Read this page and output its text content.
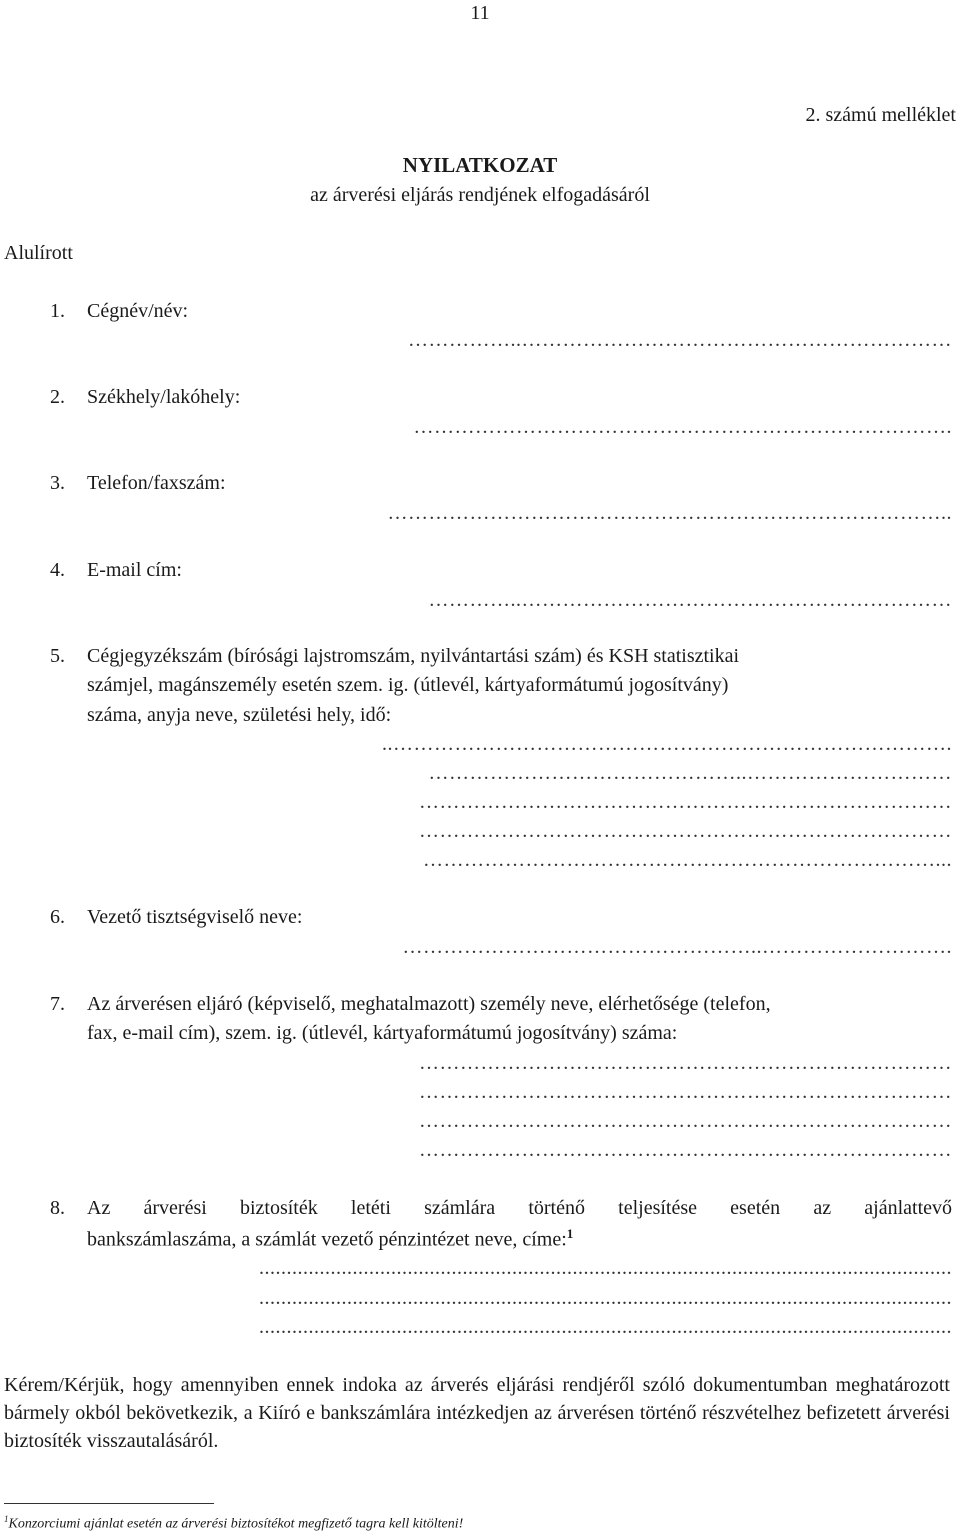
11
2. számú melléklet
NYILATKOZAT
az árverési eljárás rendjének elfogadásáról
Alulírott
1.	Cégnév/név:
……………..………………………………………………………
2.	Székhely/lakóhely:
…………………………………………………………………….
3.	Telefon/faxszám:
………………………………………………………………………..
4.	E-mail cím:
…………..………………………………………………………
5.	Cégjegyzékszám (bírósági lajstromszám, nyilvántartási szám) és KSH statisztikai
számjel, magánszemély esetén szem. ig. (útlevél, kártyaformátumú jogosítvány)
száma, anyja neve, születési hely, idő:
..……………………………………………………………………….
………………………………………..…………………………
……………………………………………………………………
……………………………………………………………………
…………………………………………………………………...
6.	Vezető tisztségviselő neve:
……………………………………………..……………………….
7.	Az árverésen eljáró (képviselő, meghatalmazott) személy neve, elérhetősége (telefon,
fax, e-mail cím), szem. ig. (útlevél, kártyaformátumú jogosítvány) száma:
……………………………………………………………………
……………………………………………………………………
……………………………………………………………………
……………………………………………………………………
8.	Az árverési biztosíték letéti számlára történő teljesítése esetén az ajánlattevő
bankszámlaszáma, a számlát vezető pénzintézet neve, címe:$^1$
..............................................................................................................................
..............................................................................................................................
..............................................................................................................................
Kérem/Kérjük, hogy amennyiben ennek indoka az árverés eljárási rendjéről szóló dokumentumban meghatározott bármely okból bekövetkezik, a Kiíró e bankszámlára intézkedjen az árverésen történő részvételhez befizetett árverési biztosíték visszautalásáról.
$^1$Konzorciumi ajánlat esetén az árverési biztosítékot megfizető tagra kell kitölteni!
